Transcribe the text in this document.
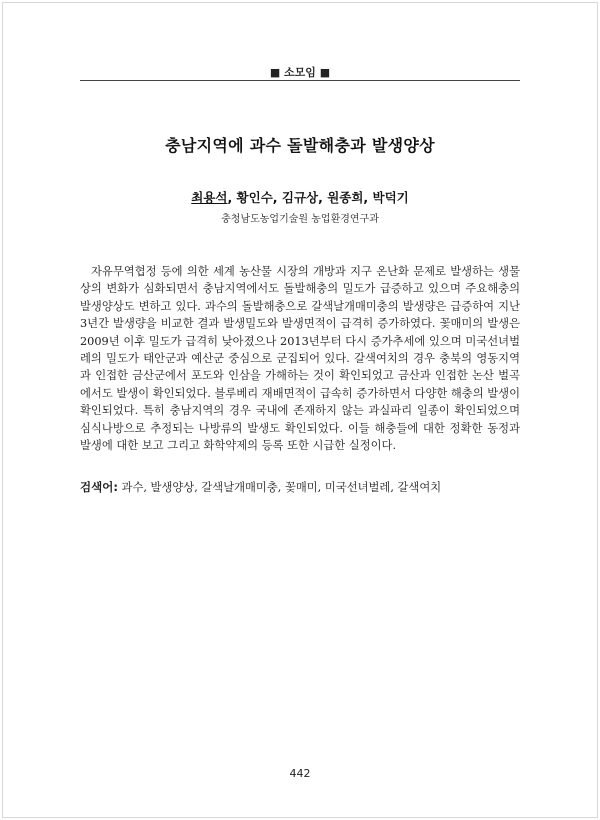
■ 소모임 ■
충남지역에 과수 돌발해충과 발생양상
최용석, 황인수, 김규상, 원종희, 박덕기
충청남도농업기술원 농업환경연구과

자유무역협정 등에 의한 세계 농산물 시장의 개방과 지구 온난화 문제로 발생하는 생물상의 변화가 심화되면서 충남지역에서도 돌발해충의 밀도가 급증하고 있으며 주요해충의 발생양상도 변하고 있다. 과수의 돌발해충으로 갈색날개매미충의 발생량은 급증하여 지난 3년간 발생량을 비교한 결과 발생밀도와 발생면적이 급격히 증가하였다. 꽃매미의 발생은 2009년 이후 밀도가 급격히 낮아졌으나 2013년부터 다시 증가추세에 있으며 미국선녀벌레의 밀도가 태안군과 예산군 중심으로 군집되어 있다. 갈색여치의 경우 충북의 영동지역과 인접한 금산군에서 포도와 인삼을 가해하는 것이 확인되었고 금산과 인접한 논산 벌곡에서도 발생이 확인되었다. 블루베리 재배면적이 급속히 증가하면서 다양한 해충의 발생이 확인되었다. 특히 충남지역의 경우 국내에 존재하지 않는 과실파리 일종이 확인되었으며 심식나방으로 추정되는 나방류의 발생도 확인되었다. 이들 해충들에 대한 정확한 동정과 발생에 대한 보고 그리고 화학약제의 등록 또한 시급한 실정이다.

검색어: 과수, 발생양상, 갈색날개매미충, 꽃매미, 미국선녀벌레, 갈색여치
442
